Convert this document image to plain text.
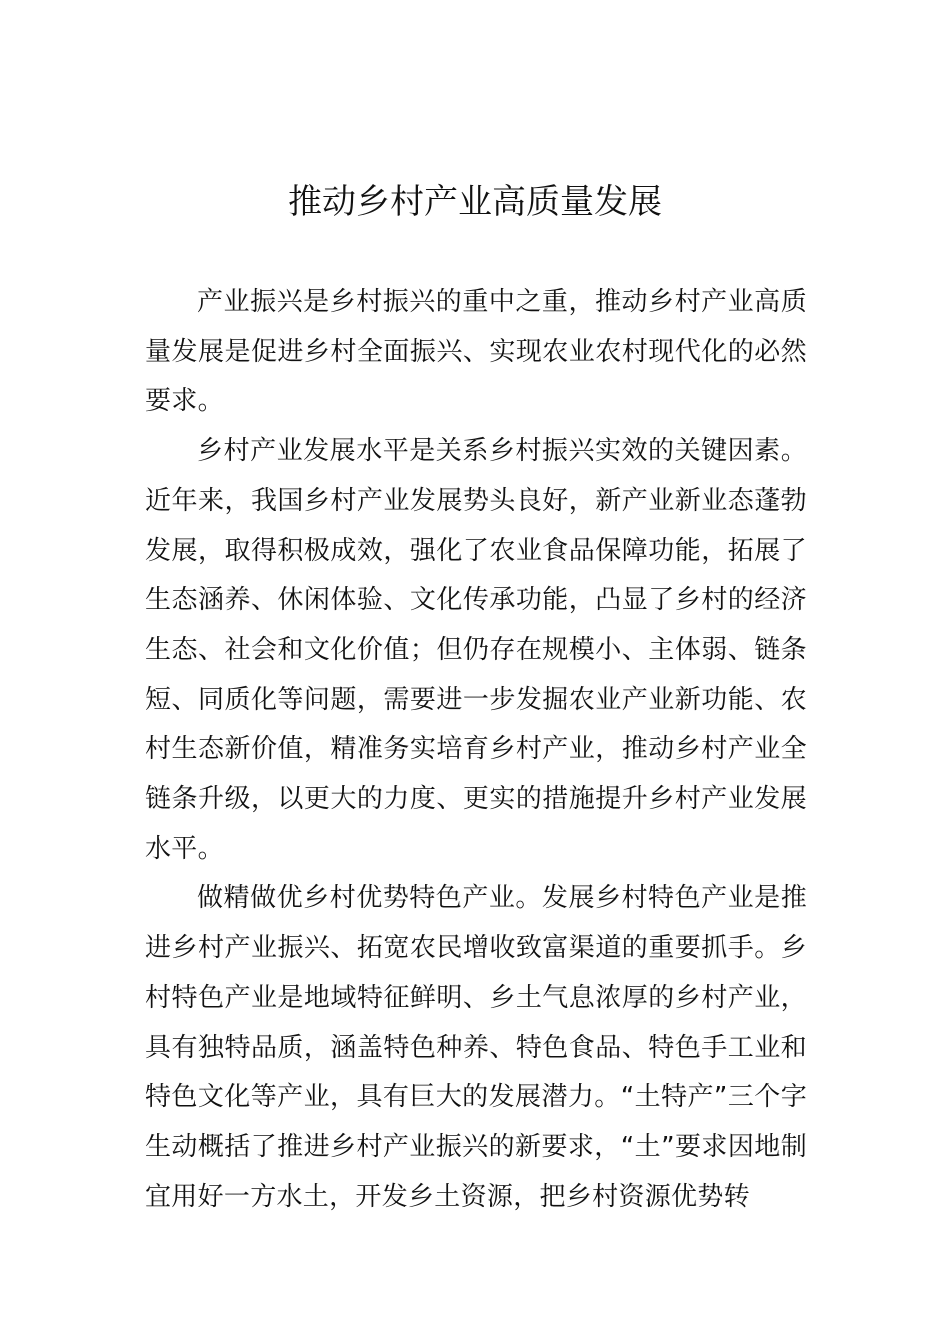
推动乡村产业高质量发展

产业振兴是乡村振兴的重中之重，推动乡村产业高质量发展是促进乡村全面振兴、实现农业农村现代化的必然要求。

乡村产业发展水平是关系乡村振兴实效的关键因素。近年来，我国乡村产业发展势头良好，新产业新业态蓬勃发展，取得积极成效，强化了农业食品保障功能，拓展了生态涵养、休闲体验、文化传承功能，凸显了乡村的经济生态、社会和文化价值；但仍存在规模小、主体弱、链条短、同质化等问题，需要进一步发掘农业产业新功能、农村生态新价值，精准务实培育乡村产业，推动乡村产业全链条升级，以更大的力度、更实的措施提升乡村产业发展水平。

做精做优乡村优势特色产业。发展乡村特色产业是推进乡村产业振兴、拓宽农民增收致富渠道的重要抓手。乡村特色产业是地域特征鲜明、乡土气息浓厚的乡村产业，具有独特品质，涵盖特色种养、特色食品、特色手工业和特色文化等产业，具有巨大的发展潜力。“土特产”三个字生动概括了推进乡村产业振兴的新要求，“土”要求因地制宜用好一方水土，开发乡土资源，把乡村资源优势转
